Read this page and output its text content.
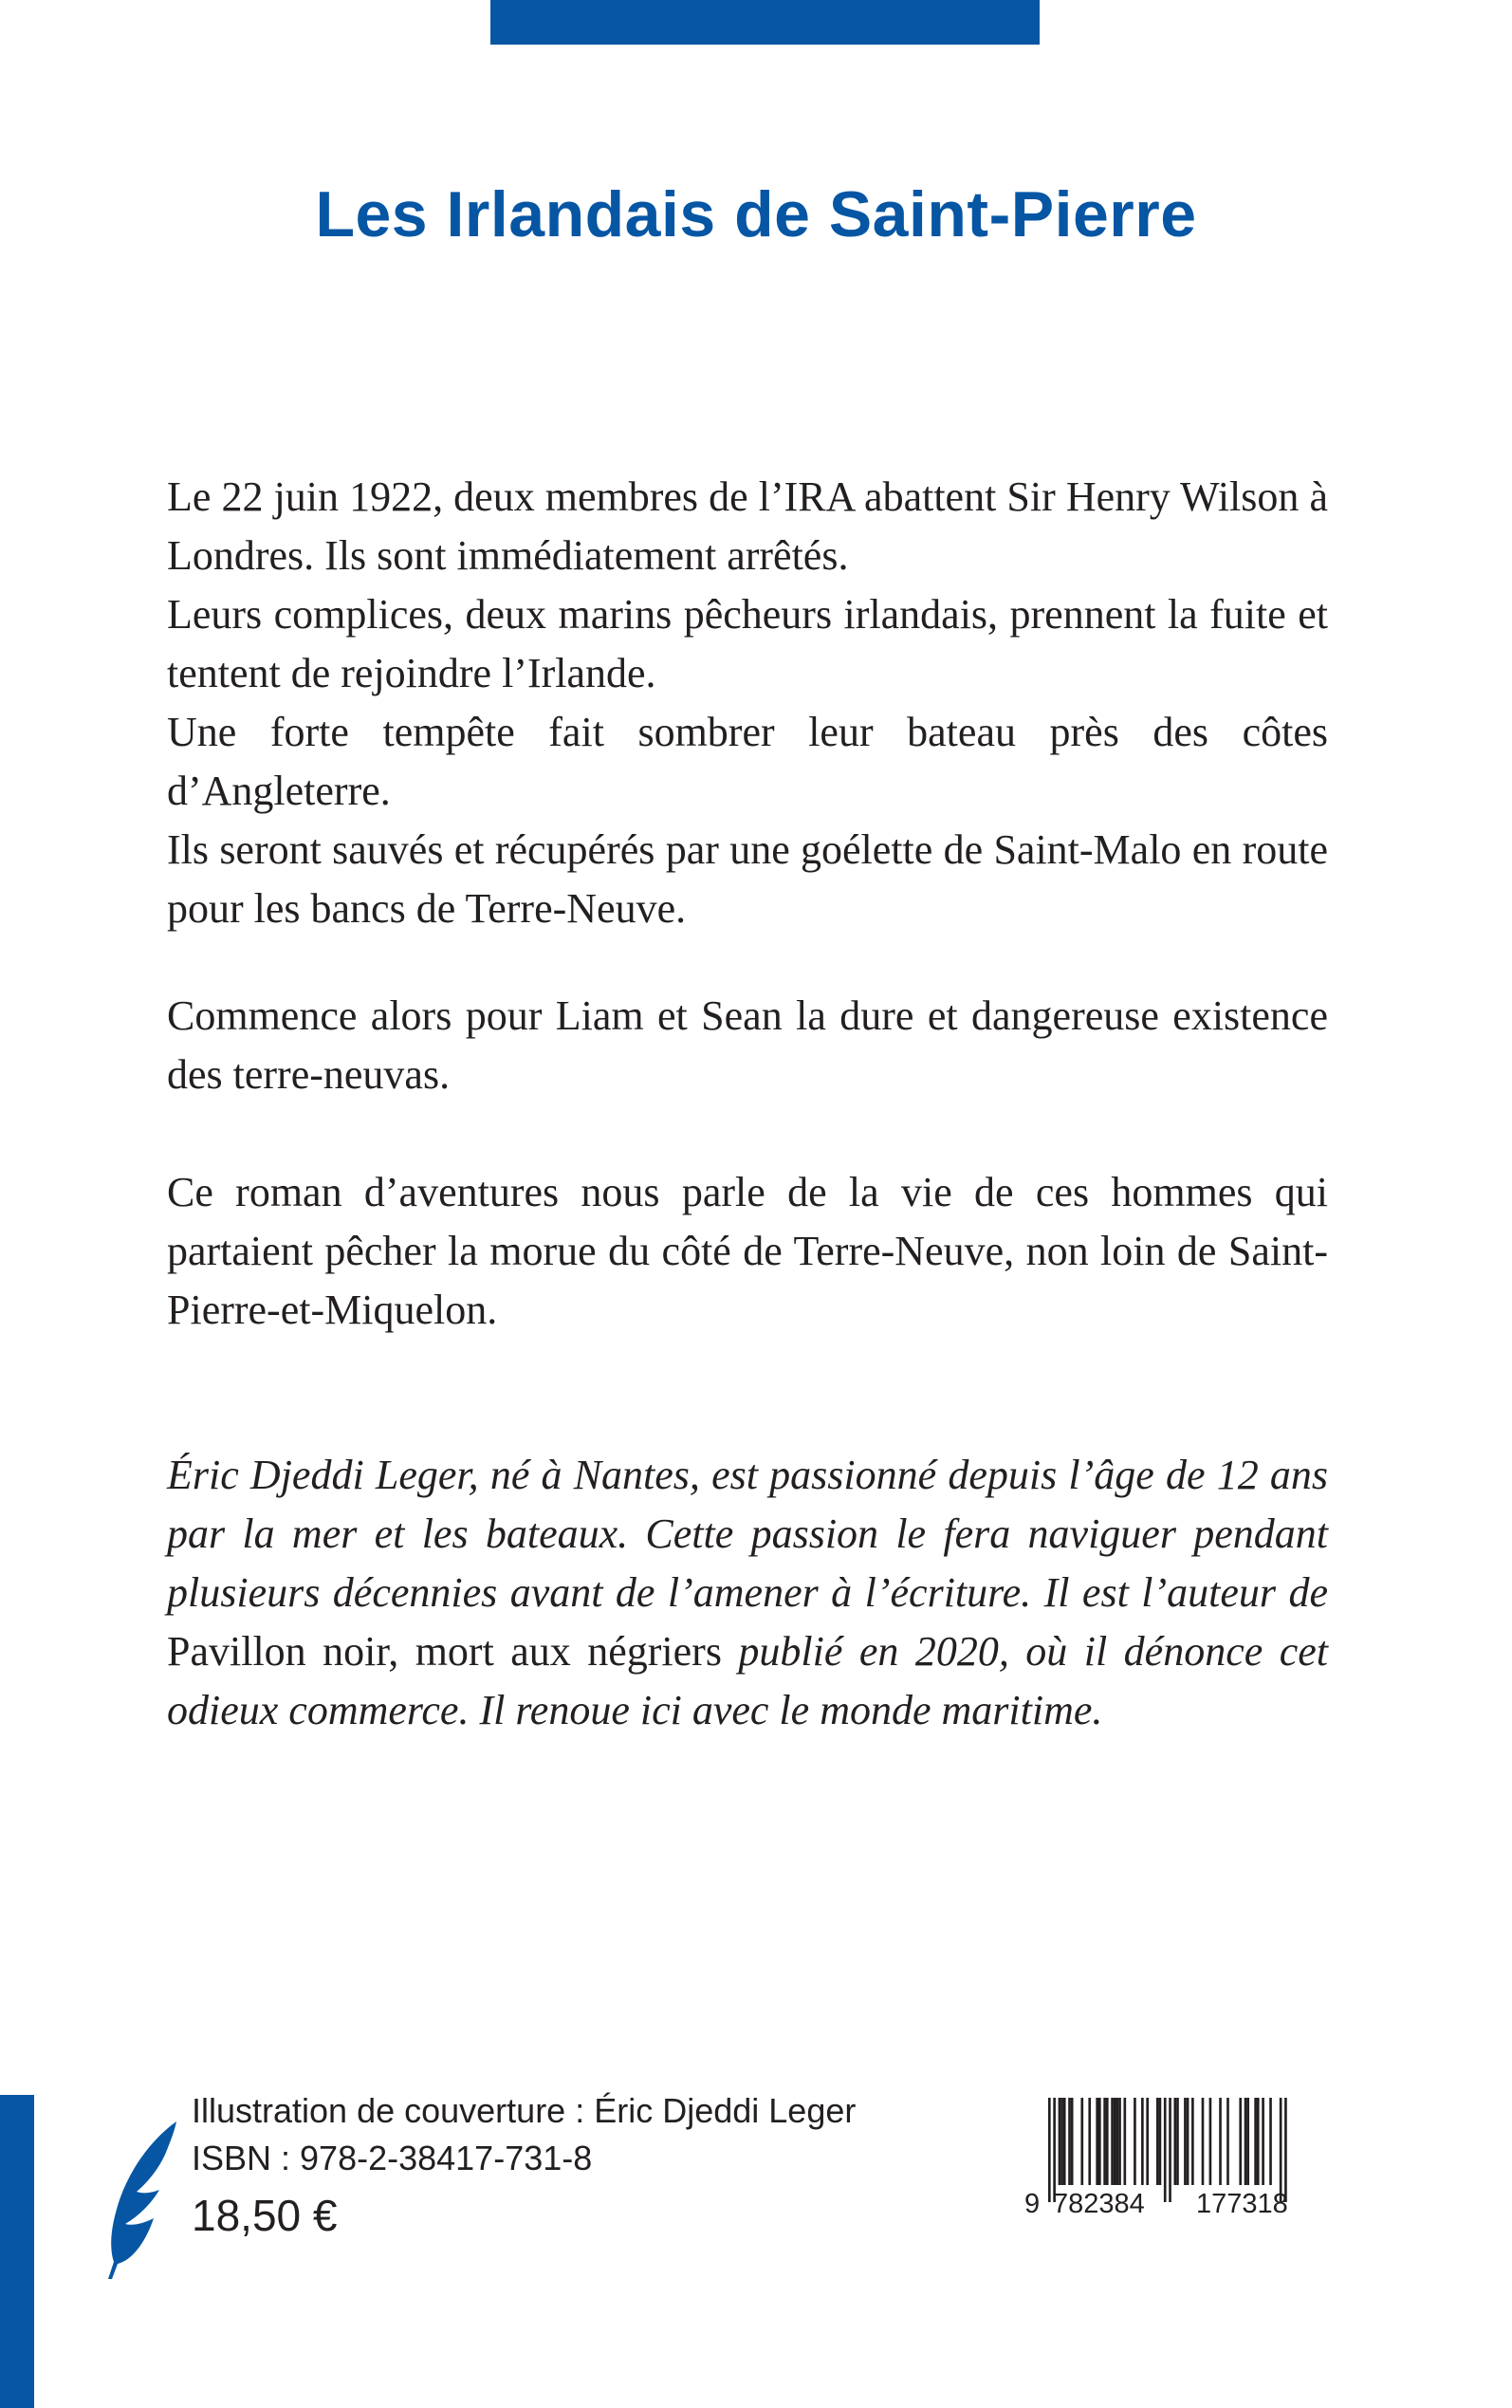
Les Irlandais de Saint-Pierre

Le 22 juin 1922, deux membres de l’IRA abattent Sir Henry Wilson à Londres. Ils sont immédiatement arrêtés.

Leurs complices, deux marins pêcheurs irlandais, prennent la fuite et tentent de rejoindre l’Irlande.

Une forte tempête fait sombrer leur bateau près des côtes d’Angleterre.

Ils seront sauvés et récupérés par une goélette de Saint-Malo en route pour les bancs de Terre-Neuve.

Commence alors pour Liam et Sean la dure et dangereuse existence des terre-neuvas.

Ce roman d’aventures nous parle de la vie de ces hommes qui partaient pêcher la morue du côté de Terre-Neuve, non loin de Saint-Pierre-et-Miquelon.

Éric Djeddi Leger, né à Nantes, est passionné depuis l’âge de 12 ans par la mer et les bateaux. Cette passion le fera naviguer pendant plusieurs décennies avant de l’amener à l’écriture. Il est l’auteur de Pavillon noir, mort aux négriers publié en 2020, où il dénonce cet odieux commerce. Il renoue ici avec le monde maritime.

Illustration de couverture : Éric Djeddi Leger
ISBN : 978-2-38417-731-8
18,50 €	9 782384 177318
